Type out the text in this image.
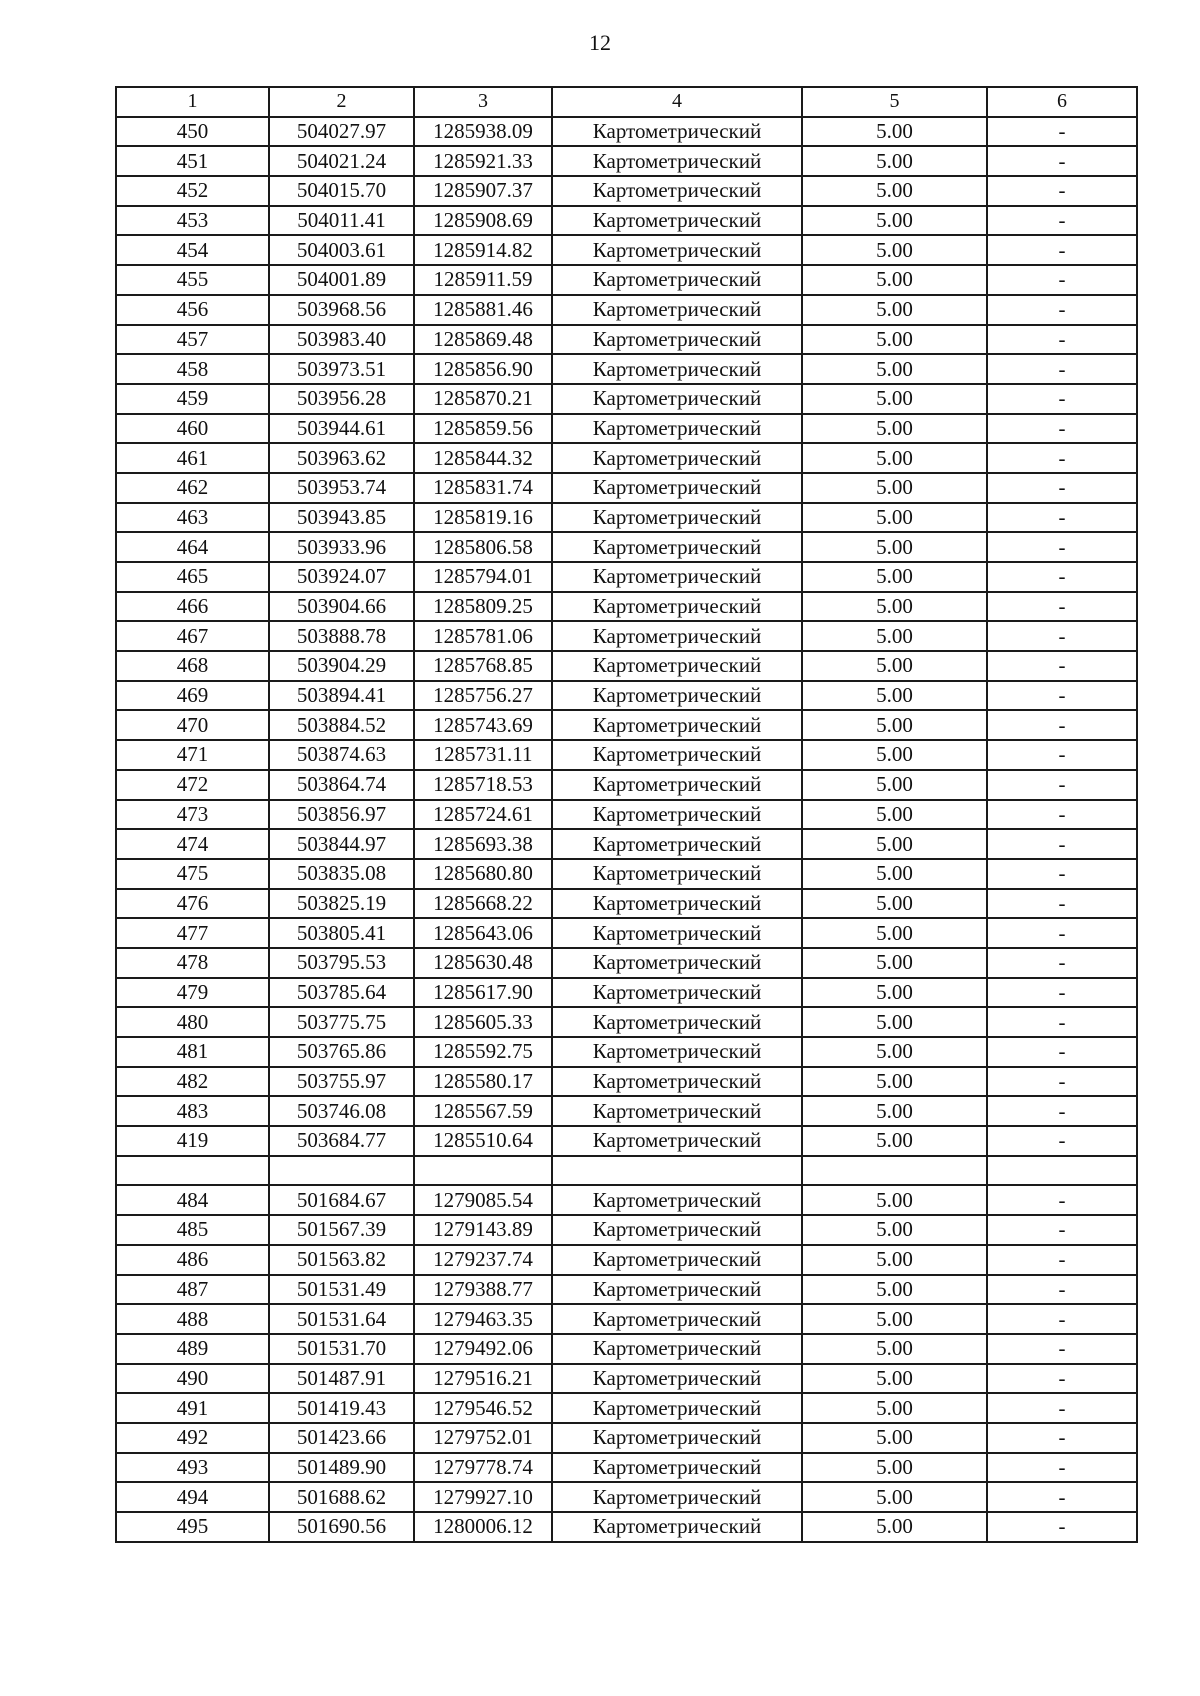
12
1	2	3	4	5	6
450	504027.97	1285938.09	Картометрический	5.00	-
451	504021.24	1285921.33	Картометрический	5.00	-
452	504015.70	1285907.37	Картометрический	5.00	-
453	504011.41	1285908.69	Картометрический	5.00	-
454	504003.61	1285914.82	Картометрический	5.00	-
455	504001.89	1285911.59	Картометрический	5.00	-
456	503968.56	1285881.46	Картометрический	5.00	-
457	503983.40	1285869.48	Картометрический	5.00	-
458	503973.51	1285856.90	Картометрический	5.00	-
459	503956.28	1285870.21	Картометрический	5.00	-
460	503944.61	1285859.56	Картометрический	5.00	-
461	503963.62	1285844.32	Картометрический	5.00	-
462	503953.74	1285831.74	Картометрический	5.00	-
463	503943.85	1285819.16	Картометрический	5.00	-
464	503933.96	1285806.58	Картометрический	5.00	-
465	503924.07	1285794.01	Картометрический	5.00	-
466	503904.66	1285809.25	Картометрический	5.00	-
467	503888.78	1285781.06	Картометрический	5.00	-
468	503904.29	1285768.85	Картометрический	5.00	-
469	503894.41	1285756.27	Картометрический	5.00	-
470	503884.52	1285743.69	Картометрический	5.00	-
471	503874.63	1285731.11	Картометрический	5.00	-
472	503864.74	1285718.53	Картометрический	5.00	-
473	503856.97	1285724.61	Картометрический	5.00	-
474	503844.97	1285693.38	Картометрический	5.00	-
475	503835.08	1285680.80	Картометрический	5.00	-
476	503825.19	1285668.22	Картометрический	5.00	-
477	503805.41	1285643.06	Картометрический	5.00	-
478	503795.53	1285630.48	Картометрический	5.00	-
479	503785.64	1285617.90	Картометрический	5.00	-
480	503775.75	1285605.33	Картометрический	5.00	-
481	503765.86	1285592.75	Картометрический	5.00	-
482	503755.97	1285580.17	Картометрический	5.00	-
483	503746.08	1285567.59	Картометрический	5.00	-
419	503684.77	1285510.64	Картометрический	5.00	-

484	501684.67	1279085.54	Картометрический	5.00	-
485	501567.39	1279143.89	Картометрический	5.00	-
486	501563.82	1279237.74	Картометрический	5.00	-
487	501531.49	1279388.77	Картометрический	5.00	-
488	501531.64	1279463.35	Картометрический	5.00	-
489	501531.70	1279492.06	Картометрический	5.00	-
490	501487.91	1279516.21	Картометрический	5.00	-
491	501419.43	1279546.52	Картометрический	5.00	-
492	501423.66	1279752.01	Картометрический	5.00	-
493	501489.90	1279778.74	Картометрический	5.00	-
494	501688.62	1279927.10	Картометрический	5.00	-
495	501690.56	1280006.12	Картометрический	5.00	-
